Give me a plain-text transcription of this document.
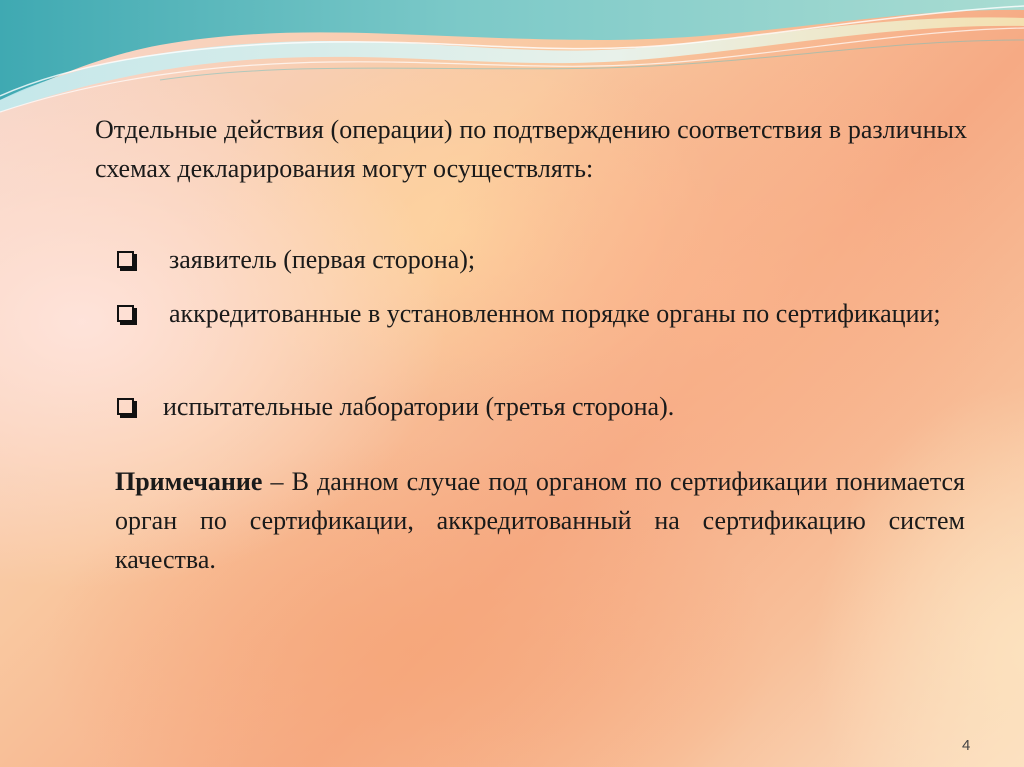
Отдельные действия (операции) по подтверждению соответствия в различных схемах декларирования могут осуществлять:

заявитель (первая сторона);

аккредитованные в установленном порядке органы по сертификации;

испытательные лаборатории (третья сторона).

Примечание – В данном случае под органом по сертификации понимается орган по сертификации, аккредитованный на сертификацию систем качества.

4
